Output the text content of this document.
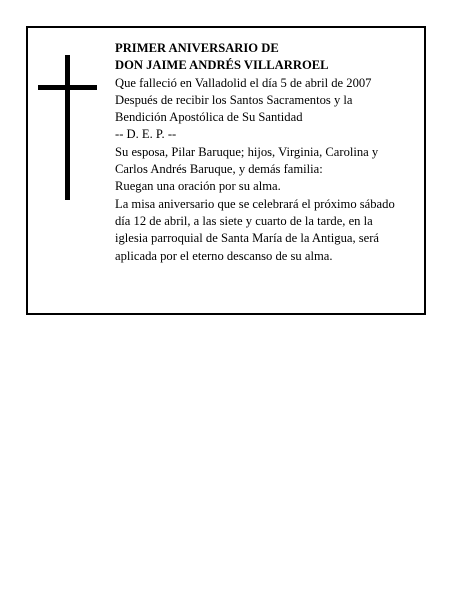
PRIMER ANIVERSARIO DE
DON JAIME ANDRÉS VILLARROEL
Que falleció en Valladolid el día 5 de abril de 2007
Después de recibir los Santos Sacramentos y la
Bendición Apostólica de Su Santidad
-- D. E. P. --
Su esposa, Pilar Baruque; hijos, Virginia, Carolina y
Carlos Andrés Baruque, y demás familia:
Ruegan una oración por su alma.
La misa aniversario que se celebrará el próximo sábado
día 12 de abril, a las siete y cuarto de la tarde, en la
iglesia parroquial de Santa María de la Antigua, será
aplicada por el eterno descanso de su alma.
